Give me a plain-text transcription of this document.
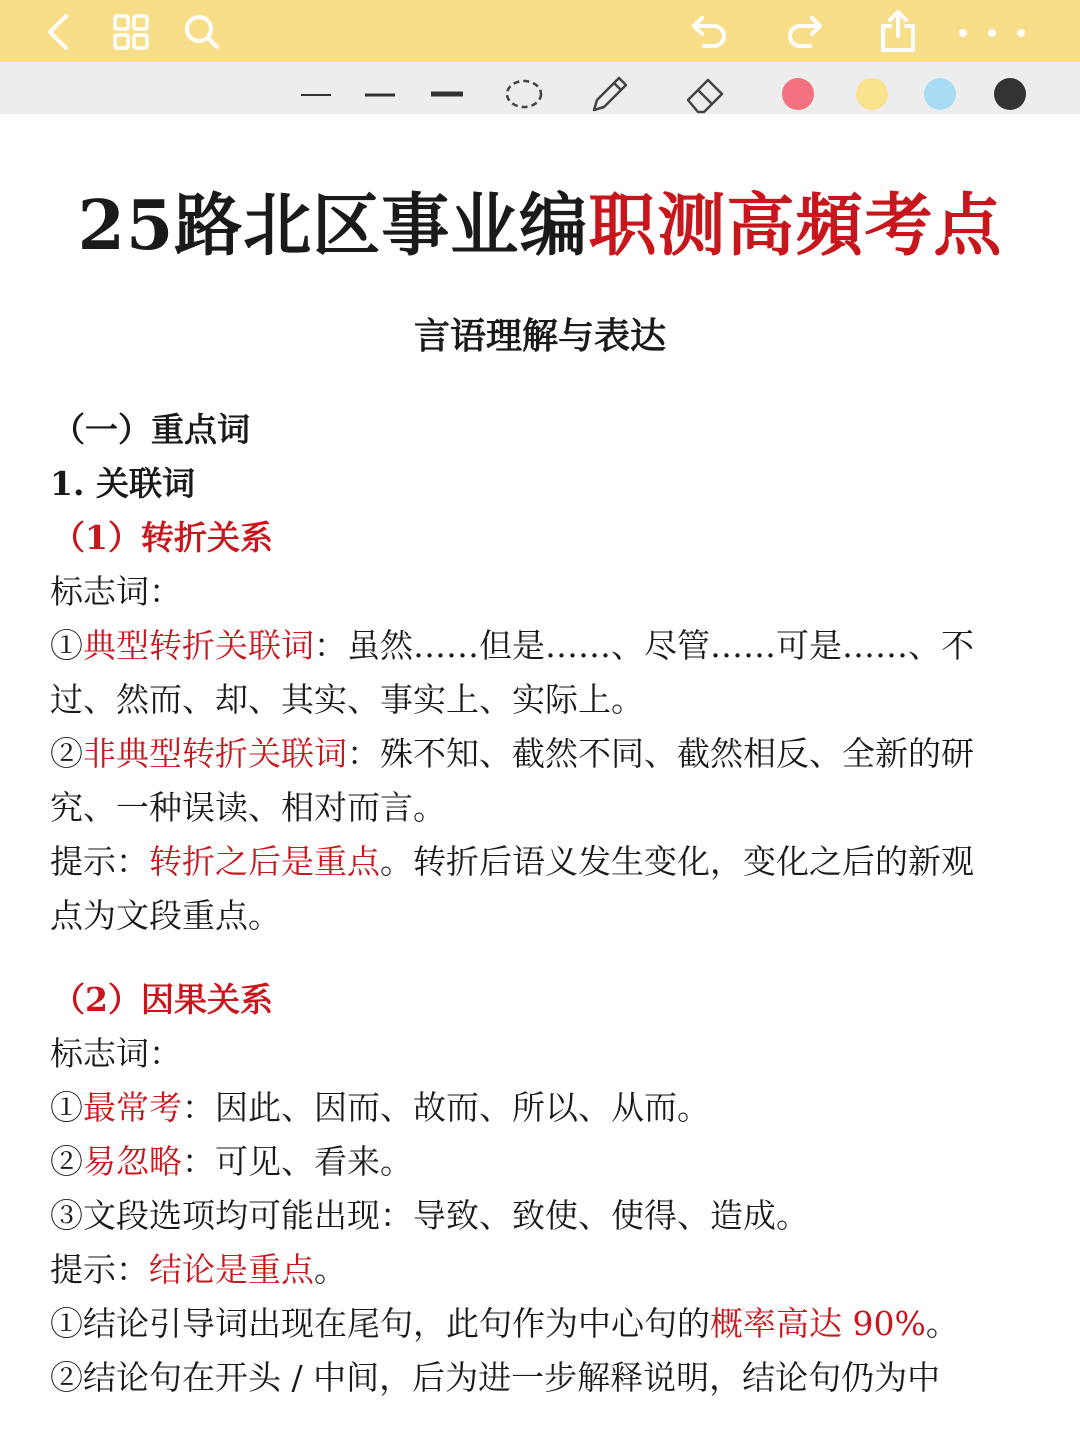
25路北区事业编职测高頻考点
言语理解与表达
（一）重点词
1. 关联词
（1）转折关系
标志词：
①典型转折关联词：虽然……但是……、尽管……可是……、不
过、然而、却、其实、事实上、实际上。
②非典型转折关联词：殊不知、截然不同、截然相反、全新的研
究、一种误读、相对而言。
提示：转折之后是重点。转折后语义发生变化，变化之后的新观
点为文段重点。
（2）因果关系
标志词：
①最常考：因此、因而、故而、所以、从而。
②易忽略：可见、看来。
③文段选项均可能出现：导致、致使、使得、造成。
提示：结论是重点。
①结论引导词出现在尾句，此句作为中心句的概率高达 90%。
②结论句在开头 / 中间，后为进一步解释说明，结论句仍为中
